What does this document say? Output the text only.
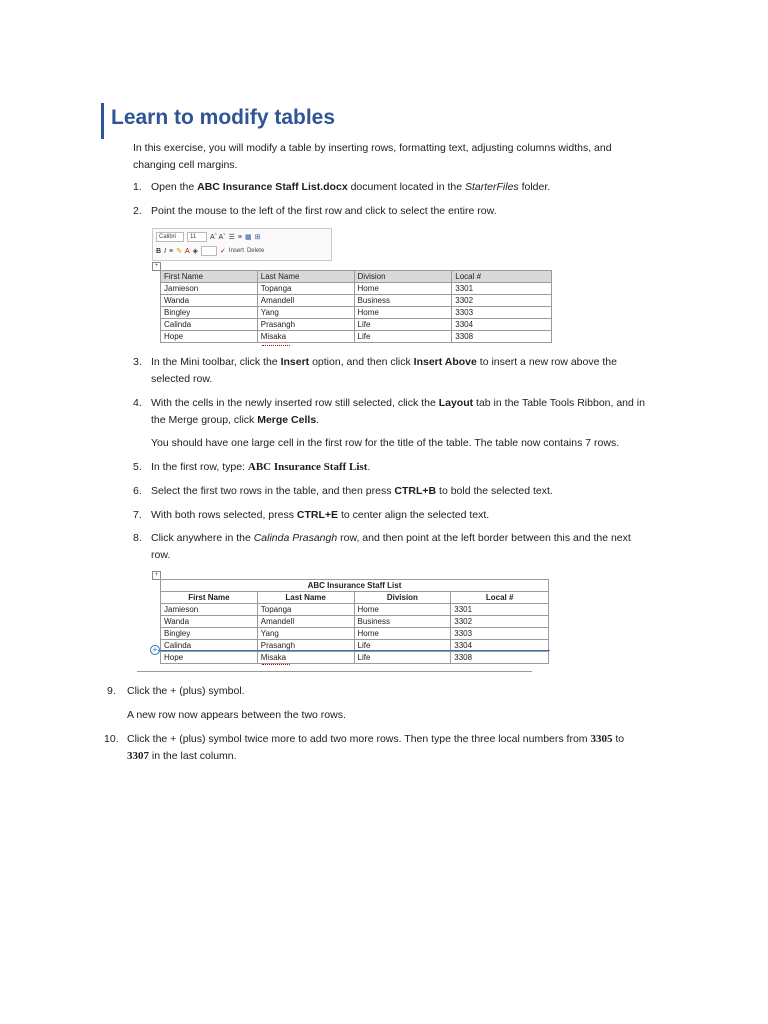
Learn to modify tables
In this exercise, you will modify a table by inserting rows, formatting text, adjusting columns widths, and changing cell margins.
1. Open the ABC Insurance Staff List.docx document located in the StarterFiles folder.
2. Point the mouse to the left of the first row and click to select the entire row.
Calibri	11	Aˆ Aˇ ☰ ≡ ▦ ⊞
B I ≡ ✎ A ◈	✓ Insert Delete
+
First Name	Last Name	Division	Local #
Jamieson	Topanga	Home	3301
Wanda	Amandell	Business	3302
Bingley	Yang	Home	3303
Calinda	Prasangh	Life	3304
Hope	Misaka	Life	3308
3. In the Mini toolbar, click the Insert option, and then click Insert Above to insert a new row above the selected row.
4. With the cells in the newly inserted row still selected, click the Layout tab in the Table Tools Ribbon, and in the Merge group, click Merge Cells.
You should have one large cell in the first row for the title of the table. The table now contains 7 rows.
5. In the first row, type: ABC Insurance Staff List.
6. Select the first two rows in the table, and then press CTRL+B to bold the selected text.
7. With both rows selected, press CTRL+E to center align the selected text.
8. Click anywhere in the Calinda Prasangh row, and then point at the left border between this and the next row.
+
ABC Insurance Staff List			
First Name	Last Name	Division	Local #
Jamieson	Topanga	Home	3301
Wanda	Amandell	Business	3302
Bingley	Yang	Home	3303
Calinda	Prasangh	Life	3304
Hope	Misaka	Life	3308
+
9. Click the + (plus) symbol.
A new row now appears between the two rows.
10. Click the + (plus) symbol twice more to add two more rows. Then type the three local numbers from 3305 to 3307 in the last column.
